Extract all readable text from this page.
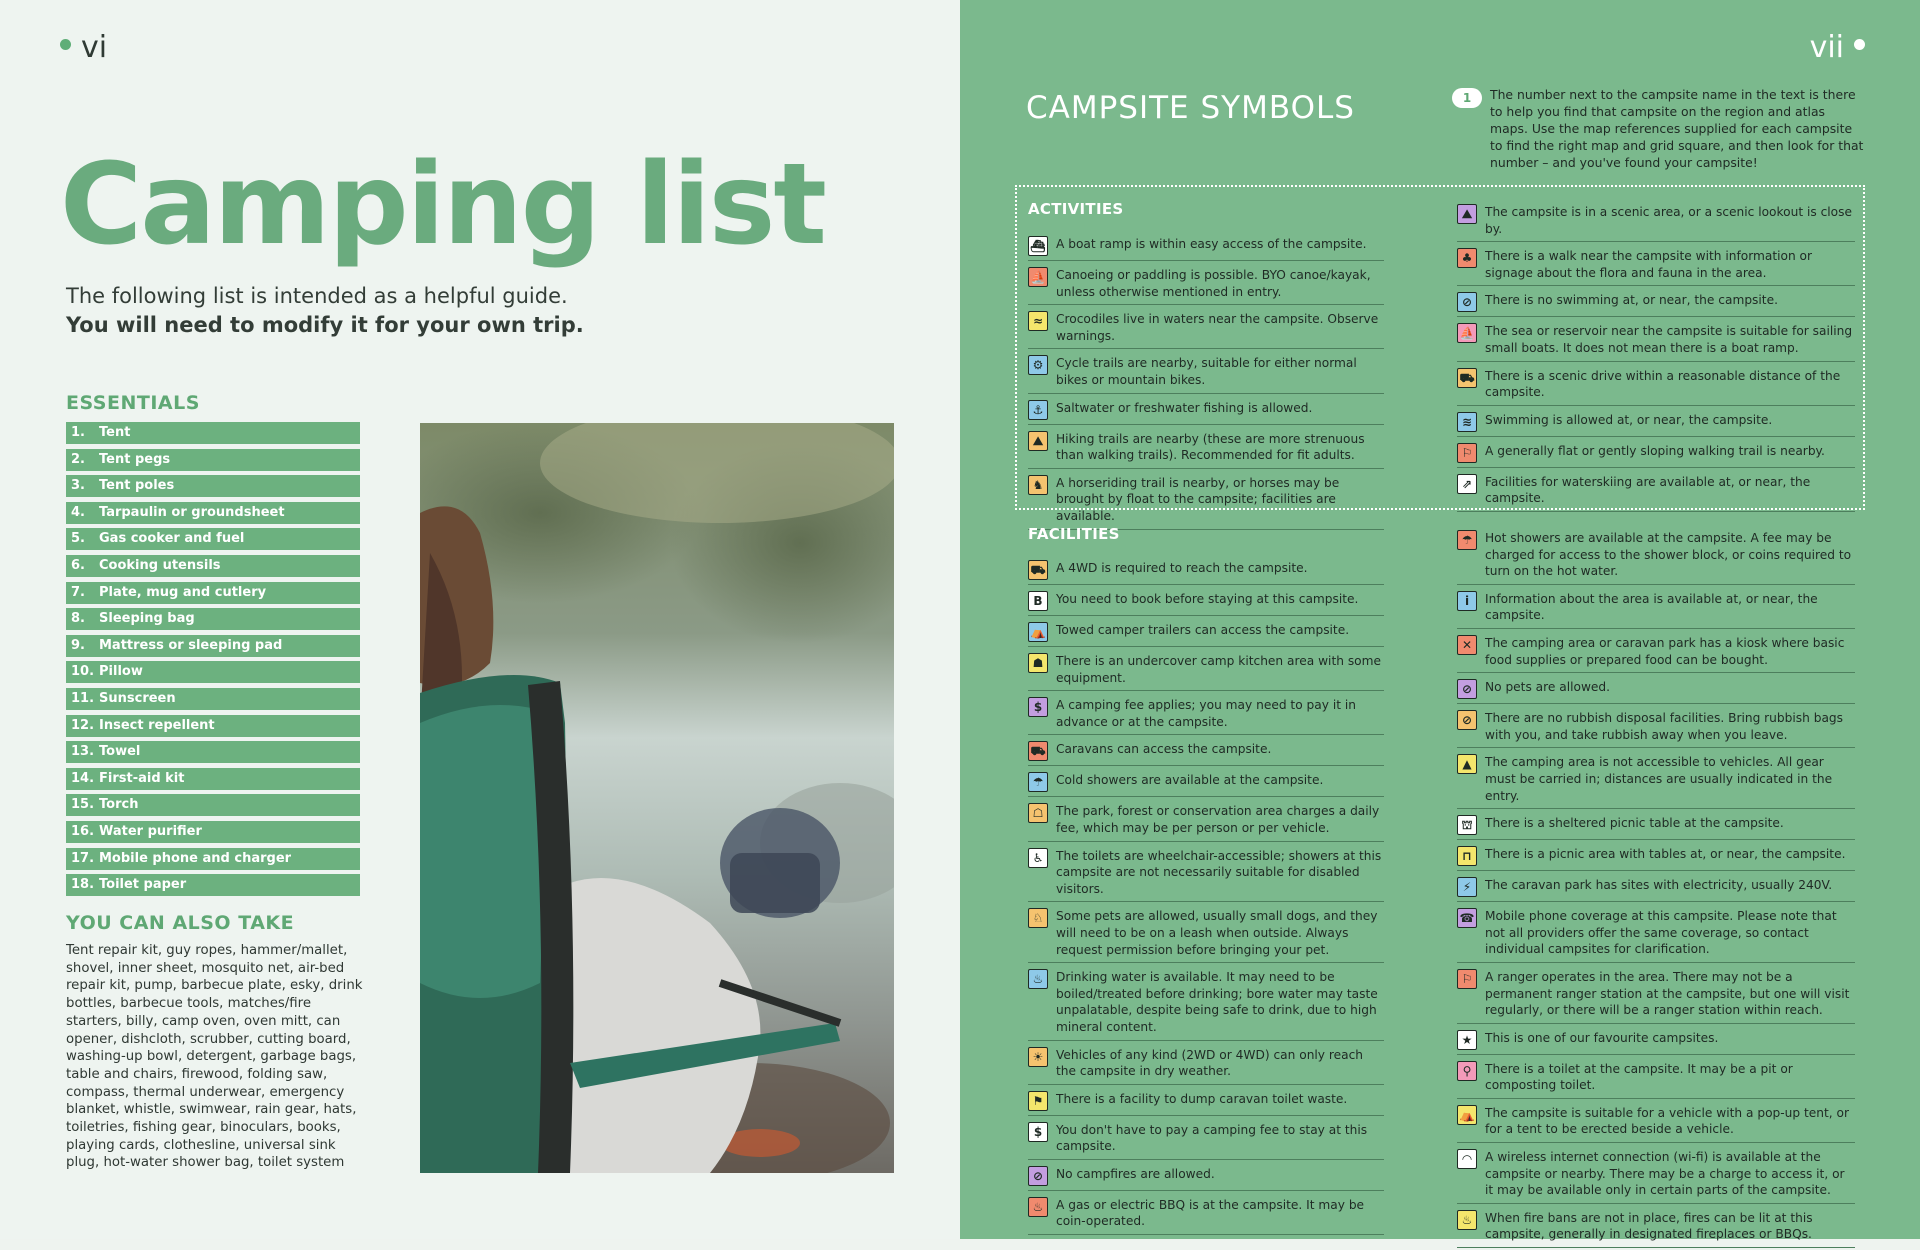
vi
Camping list
The following list is intended as a helpful guide.
You will need to modify it for your own trip.
ESSENTIALS
1.	Tent
2.	Tent pegs
3.	Tent poles
4.	Tarpaulin or groundsheet
5.	Gas cooker and fuel
6.	Cooking utensils
7.	Plate, mug and cutlery
8.	Sleeping bag
9.	Mattress or sleeping pad
10. Pillow
11. Sunscreen
12. Insect repellent
13. Towel
14. First-aid kit
15. Torch
16. Water purifier
17. Mobile phone and charger
18. Toilet paper
YOU CAN ALSO TAKE
Tent repair kit, guy ropes, hammer/mallet, shovel, inner sheet, mosquito net, air-bed repair kit, pump, barbecue plate, esky, drink bottles, barbecue tools, matches/fire starters, billy, camp oven, oven mitt, can opener, dishcloth, scrubber, cutting board, washing-up bowl, detergent, garbage bags, table and chairs, firewood, folding saw, compass, thermal underwear, emergency blanket, whistle, swimwear, rain gear, hats, toiletries, fishing gear, binoculars, books, playing cards, clothesline, universal sink plug, hot-water shower bag, toilet system
vii
CAMPSITE SYMBOLS	1	The number next to the campsite name in the text is there to help you find that campsite on the region and atlas maps. Use the map references supplied for each campsite to find the right map and grid square, and then look for that number – and you've found your campsite!
ACTIVITIES
⛴ A boat ramp is within easy access of the campsite.
⛵ Canoeing or paddling is possible. BYO canoe/kayak, unless otherwise mentioned in entry.
≈	Crocodiles live in waters near the campsite. Observe warnings.
⚙	Cycle trails are nearby, suitable for either normal bikes or mountain bikes.
⚓	Saltwater or freshwater fishing is allowed.
⛰	Hiking trails are nearby (these are more strenuous than walking trails). Recommended for fit adults.
♞	A horseriding trail is nearby, or horses may be brought by float to the campsite; facilities are available.
⛰	The campsite is in a scenic area, or a scenic lookout is close by.
♣	There is a walk near the campsite with information or signage about the flora and fauna in the area.
⊘	There is no swimming at, or near, the campsite.
⛵ The sea or reservoir near the campsite is suitable for sailing small boats. It does not mean there is a boat ramp.
⛟ There is a scenic drive within a reasonable distance of the campsite.
≋	Swimming is allowed at, or near, the campsite.
⚐	A generally flat or gently sloping walking trail is nearby.
⇗	Facilities for waterskiing are available at, or near, the campsite.
FACILITIES
⛟ A 4WD is required to reach the campsite.
B	You need to book before staying at this campsite.
⛺ Towed camper trailers can access the campsite.
☗	There is an undercover camp kitchen area with some equipment.
$	A camping fee applies; you may need to pay it in advance or at the campsite.
⛟ Caravans can access the campsite.
☂	Cold showers are available at the campsite.
☖	The park, forest or conservation area charges a daily fee, which may be per person or per vehicle.
♿	The toilets are wheelchair-accessible; showers at this campsite are not necessarily suitable for disabled visitors.
♘	Some pets are allowed, usually small dogs, and they will need to be on a leash when outside. Always request permission before bringing your pet.
♨	Drinking water is available. It may need to be boiled/treated before drinking; bore water may taste unpalatable, despite being safe to drink, due to high mineral content.
☀	Vehicles of any kind (2WD or 4WD) can only reach the campsite in dry weather.
⚑	There is a facility to dump caravan toilet waste.
$	You don't have to pay a camping fee to stay at this campsite.
⊘	No campfires are allowed.
♨	A gas or electric BBQ is at the campsite. It may be coin-operated.
☂	Hot showers are available at the campsite. A fee may be charged for access to the shower block, or coins required to turn on the hot water.
i	Information about the area is available at, or near, the campsite.
✕	The camping area or caravan park has a kiosk where basic food supplies or prepared food can be bought.
⊘	No pets are allowed.
⊘	There are no rubbish disposal facilities. Bring rubbish bags with you, and take rubbish away when you leave.
▲	The camping area is not accessible to vehicles. All gear must be carried in; distances are usually indicated in the entry.
⛫	There is a sheltered picnic table at the campsite.
⊓	There is a picnic area with tables at, or near, the campsite.
⚡	The caravan park has sites with electricity, usually 240V.
☎ Mobile phone coverage at this campsite. Please note that not all providers offer the same coverage, so contact individual campsites for clarification.
⚐	A ranger operates in the area. There may not be a permanent ranger station at the campsite, but one will visit regularly, or there will be a ranger station within reach.
★	This is one of our favourite campsites.
⚲	There is a toilet at the campsite. It may be a pit or composting toilet.
⛺ The campsite is suitable for a vehicle with a pop-up tent, or for a tent to be erected beside a vehicle.
◠	A wireless internet connection (wi-fi) is available at the campsite or nearby. There may be a charge to access it, or it may be available only in certain parts of the campsite.
♨	When fire bans are not in place, fires can be lit at this campsite, generally in designated fireplaces or BBQs.
